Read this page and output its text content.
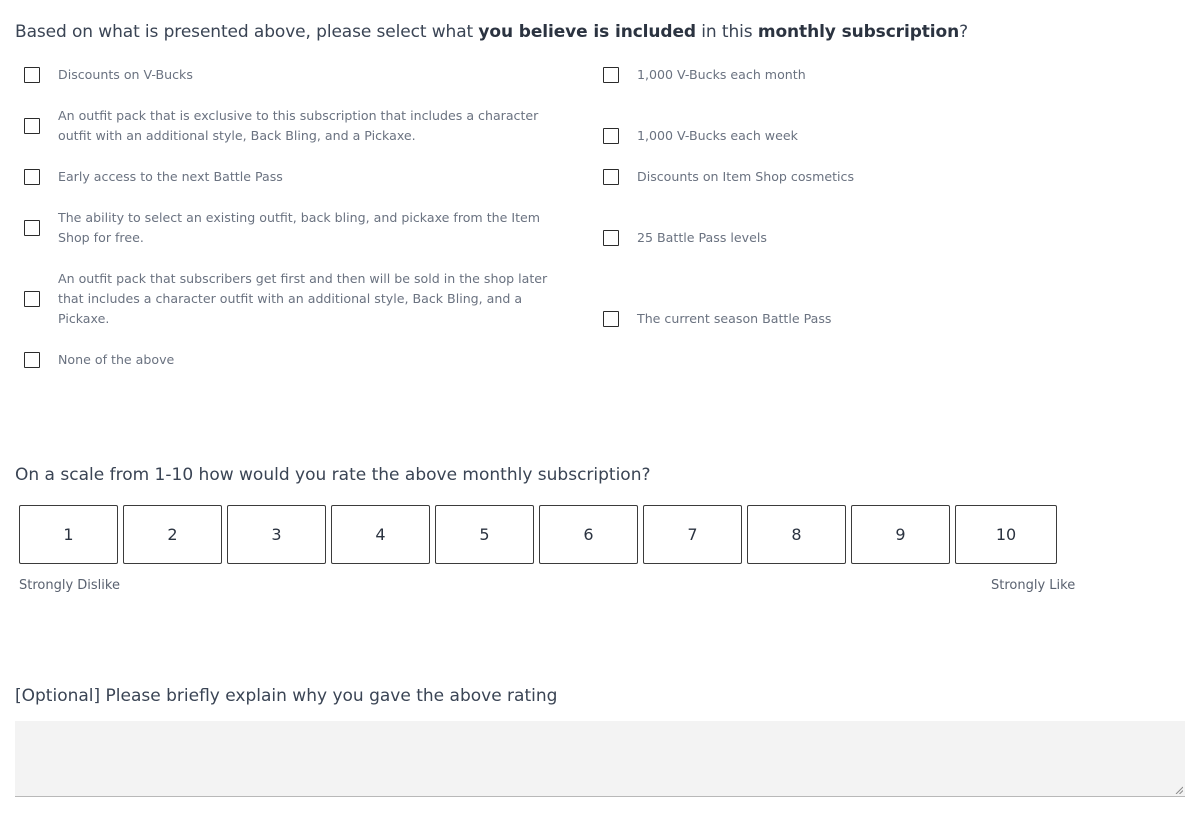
Based on what is presented above, please select what you believe is included in this monthly subscription?
Discounts on V-Bucks
An outfit pack that is exclusive to this subscription that includes a character outfit with an additional style, Back Bling, and a Pickaxe.
Early access to the next Battle Pass
The ability to select an existing outfit, back bling, and pickaxe from the Item Shop for free.
An outfit pack that subscribers get first and then will be sold in the shop later that includes a character outfit with an additional style, Back Bling, and a Pickaxe.
None of the above
1,000 V-Bucks each month
1,000 V-Bucks each week
Discounts on Item Shop cosmetics
25 Battle Pass levels
The current season Battle Pass
On a scale from 1-10 how would you rate the above monthly subscription?
1	2	3	4	5	6	7	8	9	10
Strongly Dislike	Strongly Like
[Optional] Please briefly explain why you gave the above rating
